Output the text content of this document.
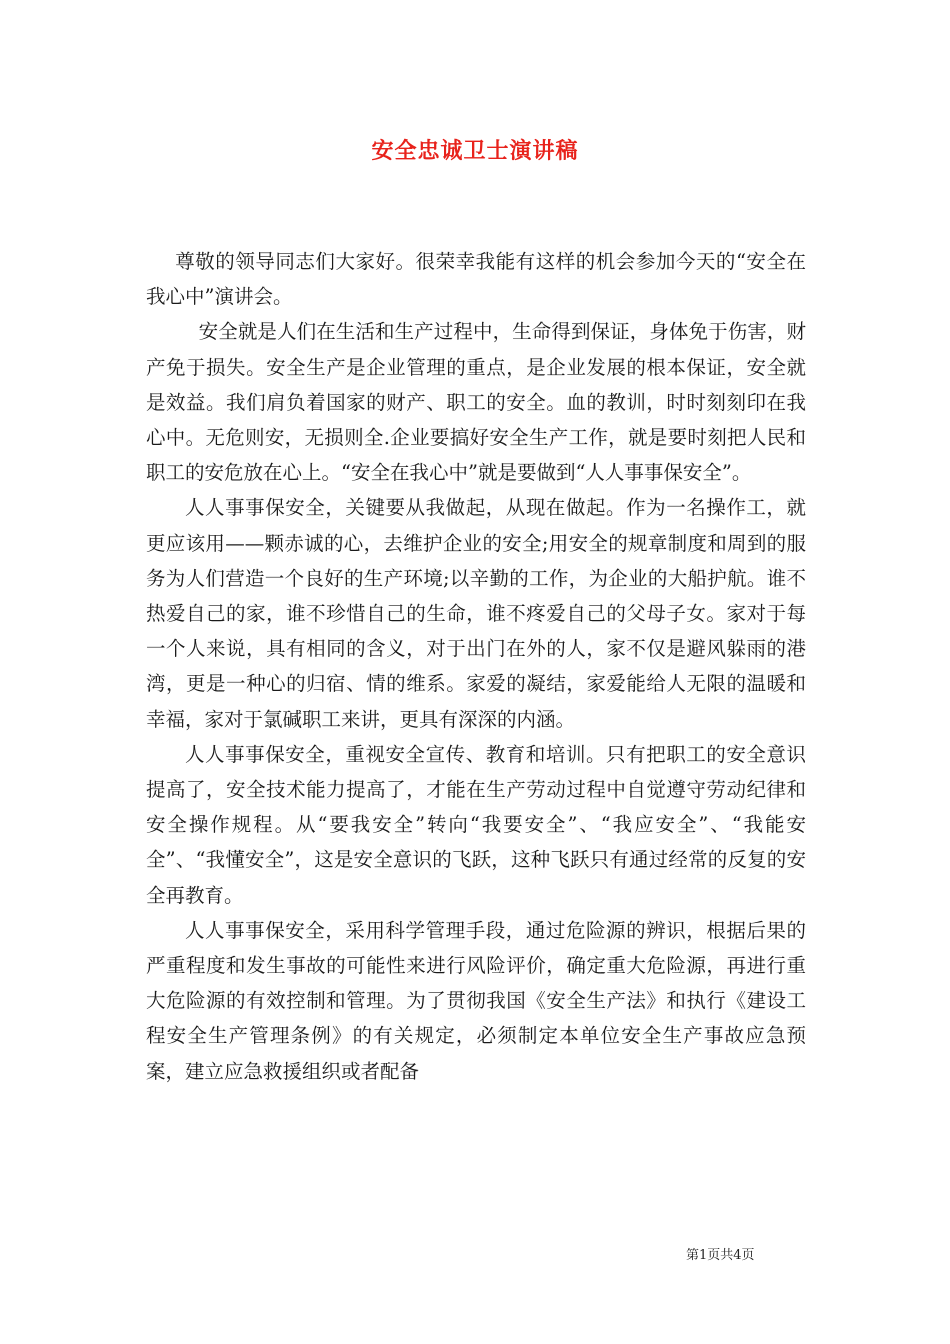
安全忠诚卫士演讲稿

尊敬的领导同志们大家好。很荣幸我能有这样的机会参加今天的“安全在我心中”演讲会。

安全就是人们在生活和生产过程中，生命得到保证，身体免于伤害，财产免于损失。安全生产是企业管理的重点，是企业发展的根本保证，安全就是效益。我们肩负着国家的财产、职工的安全。血的教训，时时刻刻印在我心中。无危则安，无损则全.企业要搞好安全生产工作，就是要时刻把人民和职工的安危放在心上。“安全在我心中”就是要做到“人人事事保安全”。

人人事事保安全，关键要从我做起，从现在做起。作为一名操作工，就更应该用——颗赤诚的心，去维护企业的安全;用安全的规章制度和周到的服务为人们营造一个良好的生产环境;以辛勤的工作，为企业的大船护航。谁不热爱自己的家，谁不珍惜自己的生命，谁不疼爱自己的父母子女。家对于每一个人来说，具有相同的含义，对于出门在外的人，家不仅是避风躲雨的港湾，更是一种心的归宿、情的维系。家爱的凝结，家爱能给人无限的温暖和幸福，家对于氯碱职工来讲，更具有深深的内涵。

人人事事保安全，重视安全宣传、教育和培训。只有把职工的安全意识提高了，安全技术能力提高了，才能在生产劳动过程中自觉遵守劳动纪律和安全操作规程。从“要我安全”转向“我要安全”、“我应安全”、“我能安全”、“我懂安全”，这是安全意识的飞跃，这种飞跃只有通过经常的反复的安全再教育。

人人事事保安全，采用科学管理手段，通过危险源的辨识，根据后果的严重程度和发生事故的可能性来进行风险评价，确定重大危险源，再进行重大危险源的有效控制和管理。为了贯彻我国《安全生产法》和执行《建设工程安全生产管理条例》的有关规定，必须制定本单位安全生产事故应急预案，建立应急救援组织或者配备

第1页共4页
